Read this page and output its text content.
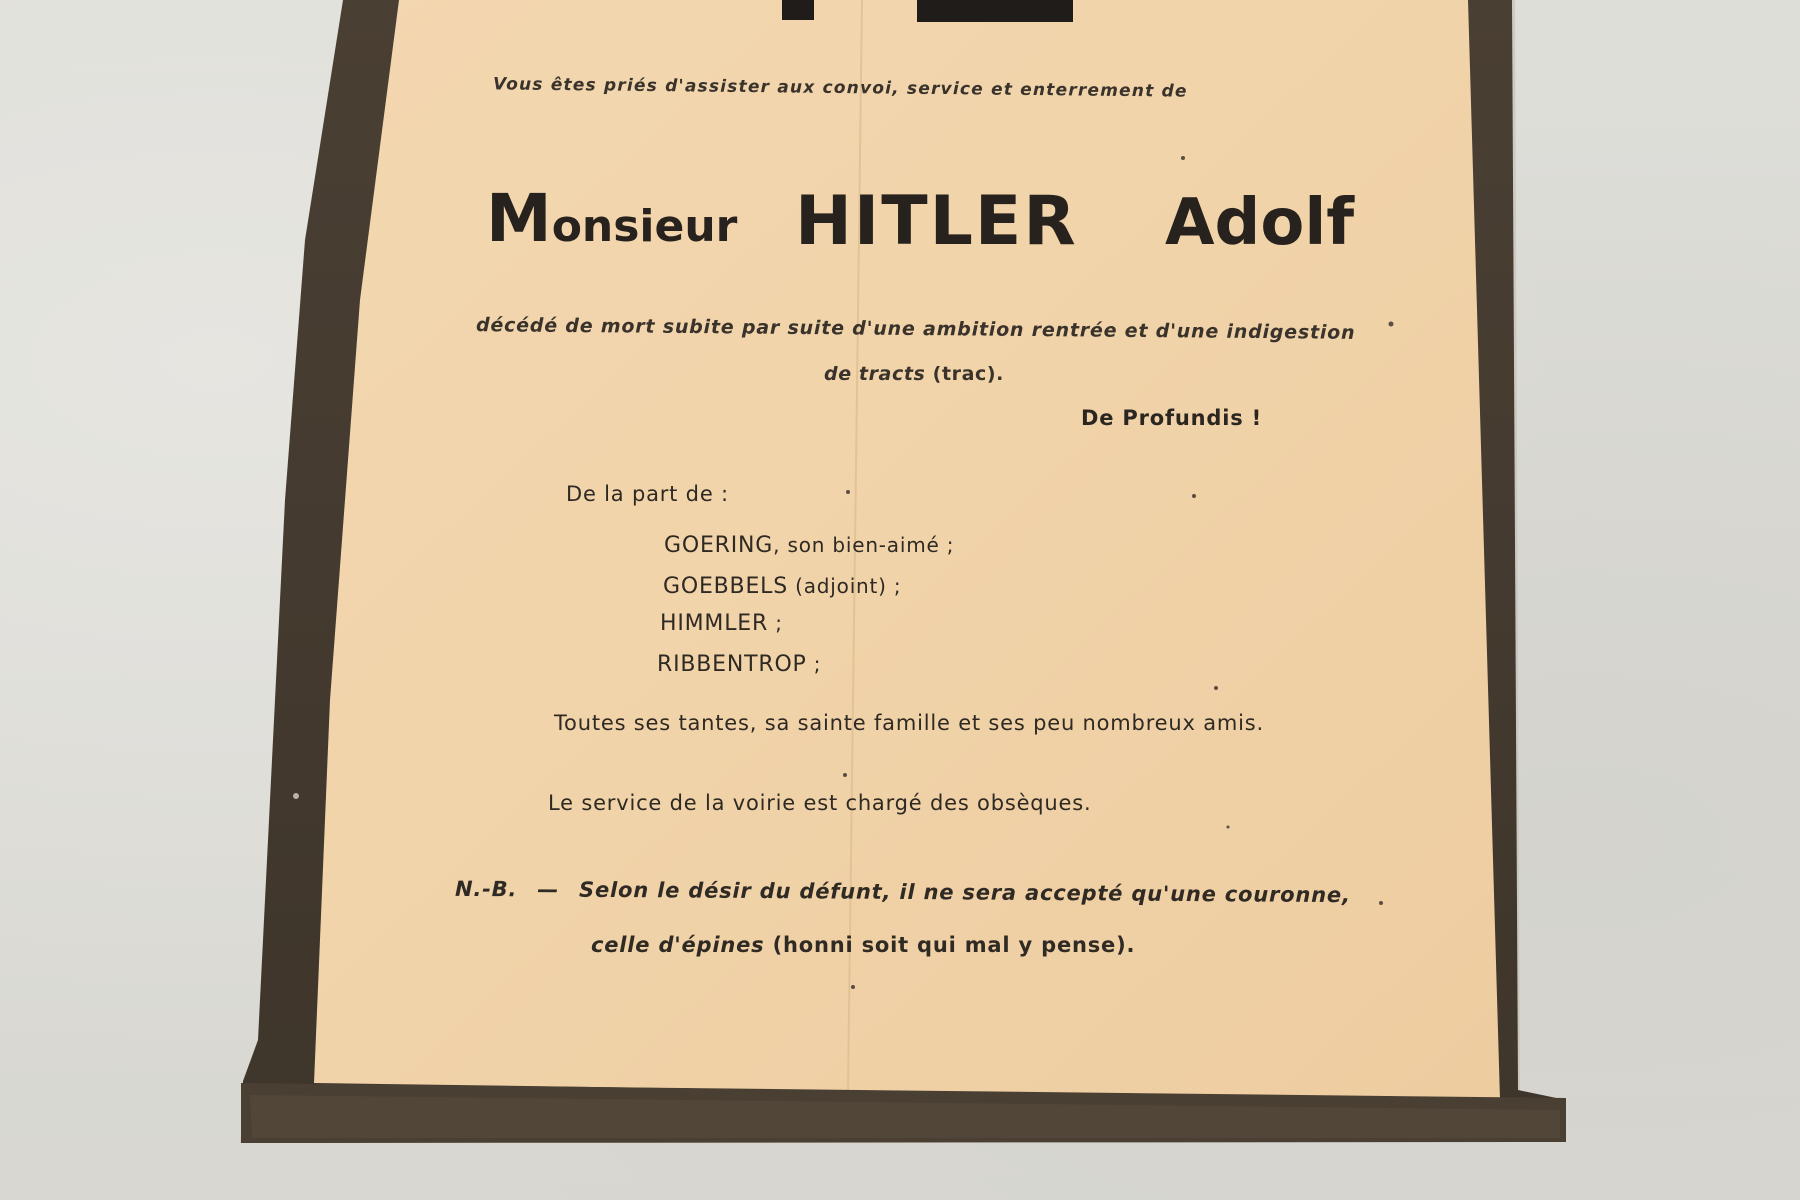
Vous êtes priés d'assister aux convoi, service et enterrement de
Monsieur HITLER Adolf
décédé de mort subite par suite d'une ambition rentrée et d'une indigestion
de tracts (trac).
De Profundis !
De la part de :
GOERING, son bien-aimé ;
GOEBBELS (adjoint) ;
HIMMLER ;
RIBBENTROP ;
Toutes ses tantes, sa sainte famille et ses peu nombreux amis.
Le service de la voirie est chargé des obsèques.
N.-B. — Selon le désir du défunt, il ne sera accepté qu'une couronne,
celle d'épines (honni soit qui mal y pense).
